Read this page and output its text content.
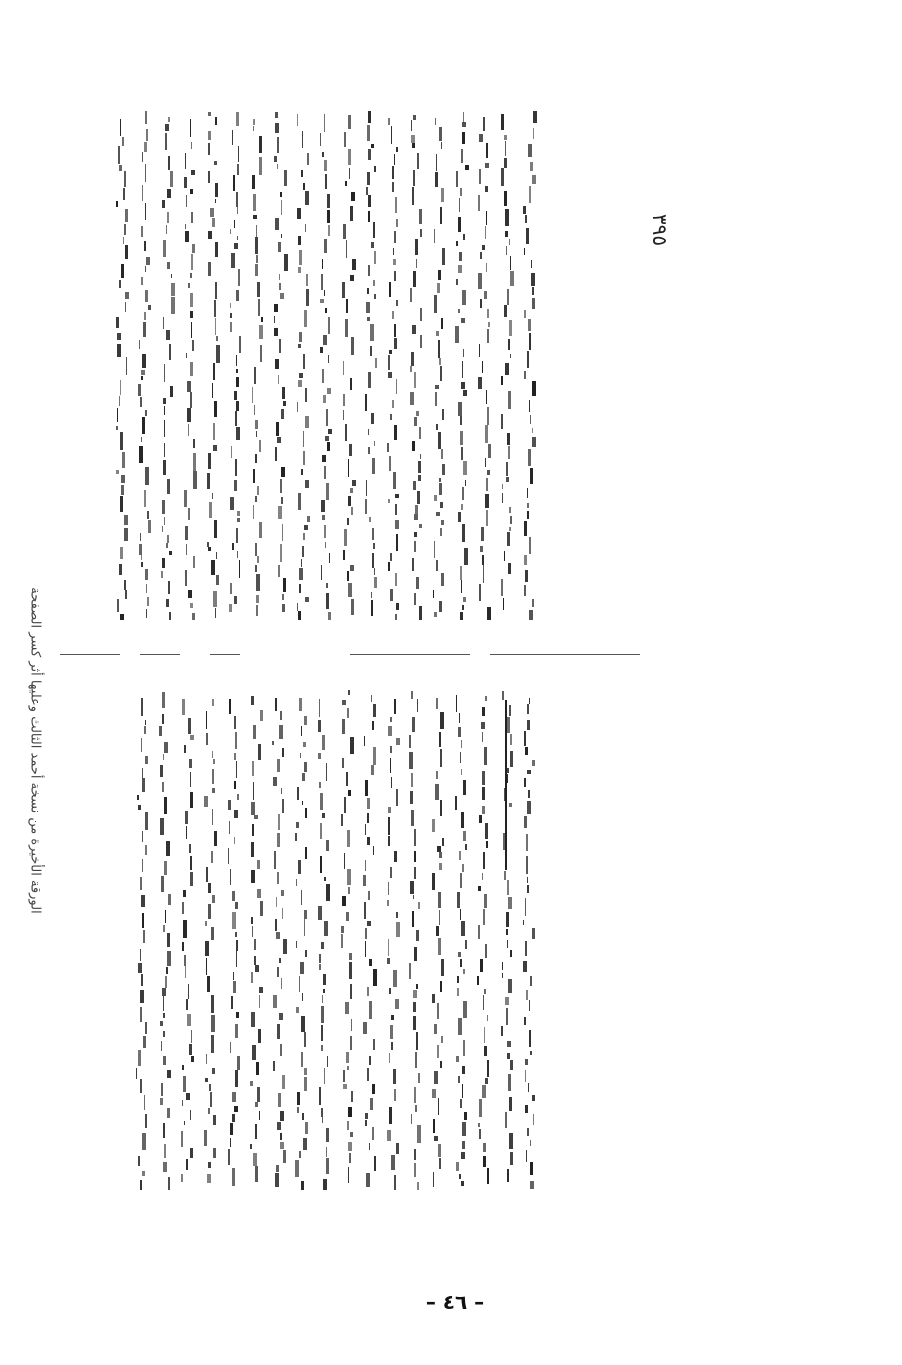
الورقة الأخيرة من نسخة أحمد الثالث وعليها أثر كسر الصفحة
٣٩٥
– ٤٦ –
